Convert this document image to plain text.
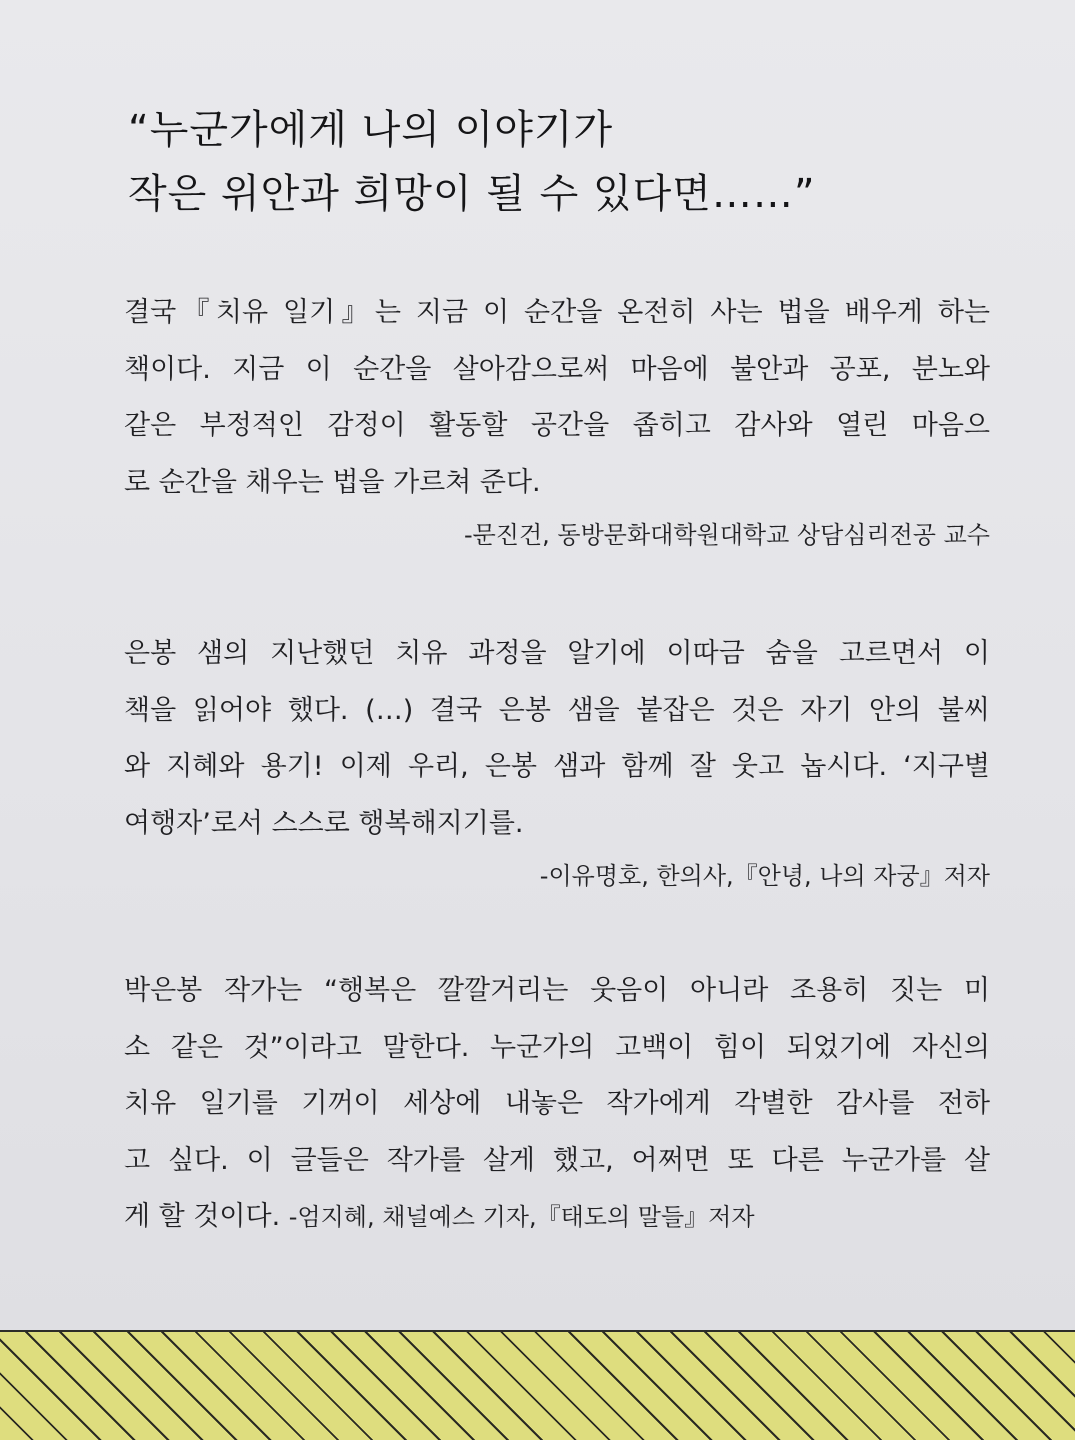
“누군가에게 나의 이야기가
작은 위안과 희망이 될 수 있다면……”
결국『치유 일기』는 지금 이 순간을 온전히 사는 법을 배우게 하는
책이다. 지금 이 순간을 살아감으로써 마음에 불안과 공포, 분노와
같은 부정적인 감정이 활동할 공간을 좁히고 감사와 열린 마음으
로 순간을 채우는 법을 가르쳐 준다.
-문진건, 동방문화대학원대학교 상담심리전공 교수
은봉 샘의 지난했던 치유 과정을 알기에 이따금 숨을 고르면서 이
책을 읽어야 했다. (…) 결국 은봉 샘을 붙잡은 것은 자기 안의 불씨
와 지혜와 용기! 이제 우리, 은봉 샘과 함께 잘 웃고 놉시다. ‘지구별
여행자’로서 스스로 행복해지기를.
-이유명호, 한의사,『안녕, 나의 자궁』저자
박은봉 작가는 “행복은 깔깔거리는 웃음이 아니라 조용히 짓는 미
소 같은 것”이라고 말한다. 누군가의 고백이 힘이 되었기에 자신의
치유 일기를 기꺼이 세상에 내놓은 작가에게 각별한 감사를 전하
고 싶다. 이 글들은 작가를 살게 했고, 어쩌면 또 다른 누군가를 살
게 할 것이다. -엄지혜, 채널예스 기자,『태도의 말들』저자
